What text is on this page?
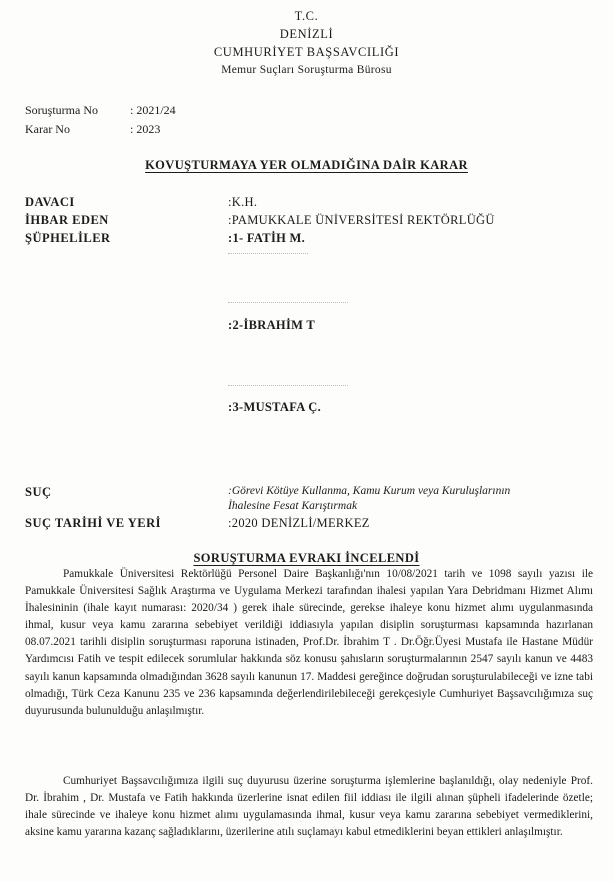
T.C.
DENİZLİ
CUMHURİYET BAŞSAVCILIĞI
Memur Suçları Soruşturma Bürosu
Soruşturma No	: 2021/24
Karar No	: 2023
KOVUŞTURMAYA YER OLMADIĞINA DAİR KARAR
DAVACI	:K.H.
İHBAR EDEN	:PAMUKKALE ÜNİVERSİTESİ REKTÖRLÜĞÜ
ŞÜPHELİLER	:1- FATİH M.
:2-İBRAHİM T
:3-MUSTAFA Ç.
SUÇ	:Görevi Kötüye Kullanma, Kamu Kurum veya Kuruluşlarının
İhalesine Fesat Karıştırmak
SUÇ TARİHİ VE YERİ	:2020 DENİZLİ/MERKEZ
SORUŞTURMA EVRAKI İNCELENDİ
Pamukkale Üniversitesi Rektörlüğü Personel Daire Başkanlığı'nın 10/08/2021 tarih ve 1098 sayılı yazısı ile Pamukkale Üniversitesi Sağlık Araştırma ve Uygulama Merkezi tarafından ihalesi yapılan Yara Debridmanı Hizmet Alımı İhalesininin (ihale kayıt numarası: 2020/34 ) gerek ihale sürecinde, gerekse ihaleye konu hizmet alımı uygulanmasında ihmal, kusur veya kamu zararına sebebiyet verildiği iddiasıyla yapılan disiplin soruşturması kapsamında hazırlanan 08.07.2021 tarihli disiplin soruşturması raporuna istinaden, Prof.Dr. İbrahim T . Dr.Öğr.Üyesi Mustafa ile Hastane Müdür Yardımcısı Fatih ve tespit edilecek sorumlular hakkında söz konusu şahısların soruşturmalarının 2547 sayılı kanun ve 4483 sayılı kanun kapsamında olmadığından 3628 sayılı kanunun 17. Maddesi gereğince doğrudan soruşturulabileceği ve izne tabi olmadığı, Türk Ceza Kanunu 235 ve 236 kapsamında değerlendirilebileceği gerekçesiyle Cumhuriyet Başsavcılığımıza suç duyurusunda bulunulduğu anlaşılmıştır.
Cumhuriyet Başsavcılığımıza ilgili suç duyurusu üzerine soruşturma işlemlerine başlanıldığı, olay nedeniyle Prof. Dr. İbrahim , Dr. Mustafa ve Fatih hakkında üzerlerine isnat edilen fiil iddiası ile ilgili alınan şüpheli ifadelerinde özetle; ihale sürecinde ve ihaleye konu hizmet alımı uygulamasında ihmal, kusur veya kamu zararına sebebiyet vermediklerini, aksine kamu yararına kazanç sağladıklarını, üzerilerine atılı suçlamayı kabul etmediklerini beyan ettikleri anlaşılmıştır.
